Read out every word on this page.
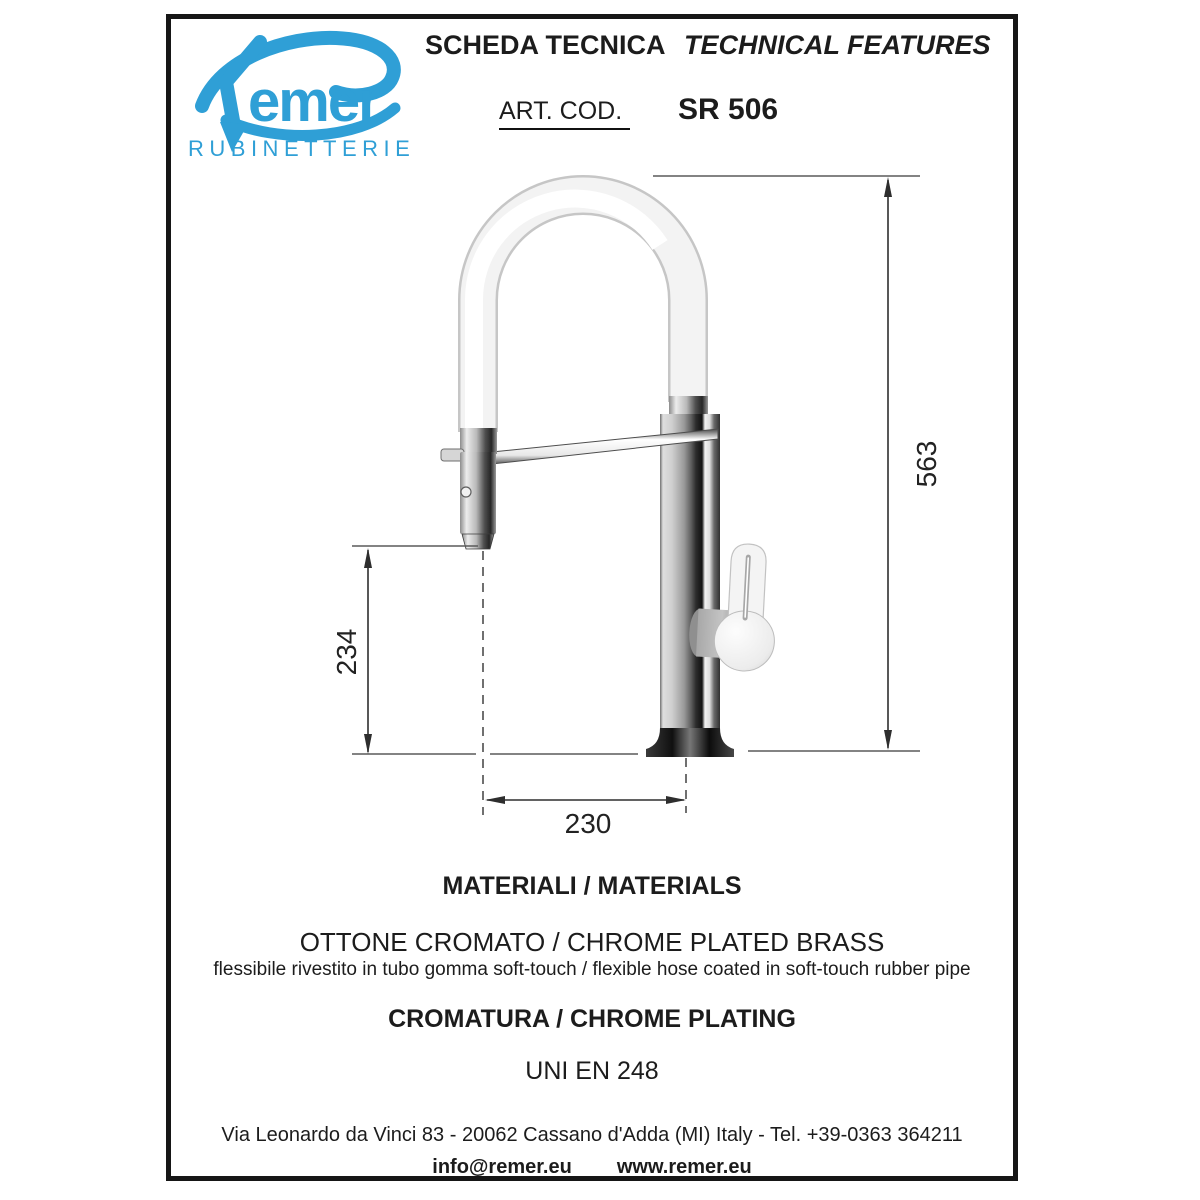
emer
RUBINETTERIE
SCHEDA TECNICA TECHNICAL FEATURES
ART. COD. SR 506
563
234
230
MATERIALI / MATERIALS
OTTONE CROMATO / CHROME PLATED BRASS
flessibile rivestito in tubo gomma soft-touch / flexible hose coated in soft-touch rubber pipe
CROMATURA / CHROME PLATING
UNI EN 248
Via Leonardo da Vinci 83 - 20062 Cassano d'Adda (MI) Italy - Tel. +39-0363 364211
info@remer.eu www.remer.eu
